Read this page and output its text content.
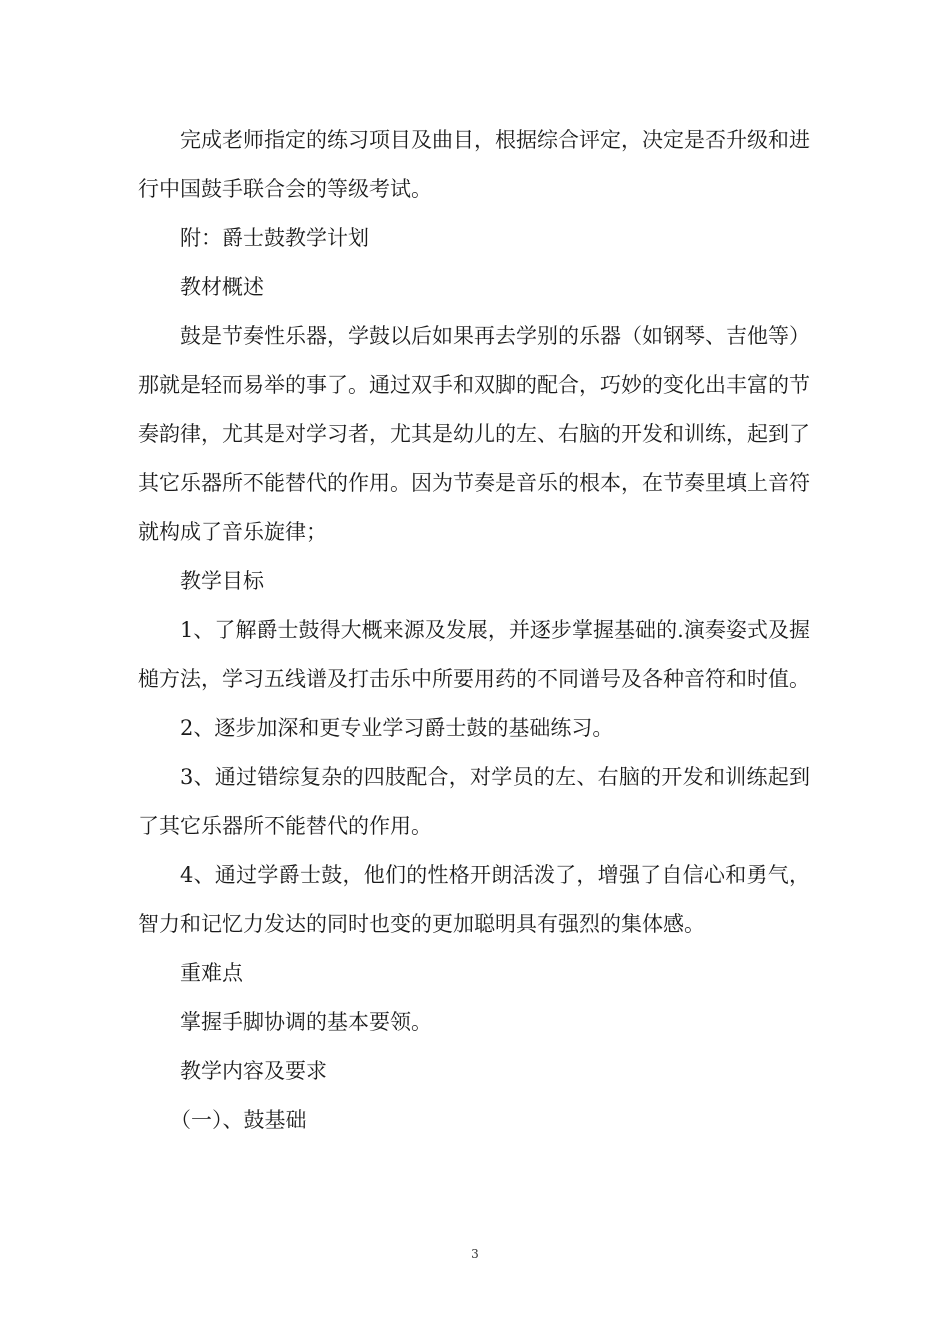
完成老师指定的练习项目及曲目，根据综合评定，决定是否升级和进行中国鼓手联合会的等级考试。

附：爵士鼓教学计划

教材概述

鼓是节奏性乐器，学鼓以后如果再去学别的乐器（如钢琴、吉他等）那就是轻而易举的事了。通过双手和双脚的配合，巧妙的变化出丰富的节奏韵律，尤其是对学习者，尤其是幼儿的左、右脑的开发和训练，起到了其它乐器所不能替代的作用。因为节奏是音乐的根本，在节奏里填上音符就构成了音乐旋律；

教学目标

1、了解爵士鼓得大概来源及发展，并逐步掌握基础的.演奏姿式及握槌方法，学习五线谱及打击乐中所要用药的不同谱号及各种音符和时值。

2、逐步加深和更专业学习爵士鼓的基础练习。

3、通过错综复杂的四肢配合，对学员的左、右脑的开发和训练起到了其它乐器所不能替代的作用。

4、通过学爵士鼓，他们的性格开朗活泼了，增强了自信心和勇气，智力和记忆力发达的同时也变的更加聪明具有强烈的集体感。

重难点

掌握手脚协调的基本要领。

教学内容及要求

（一）、鼓基础

3
